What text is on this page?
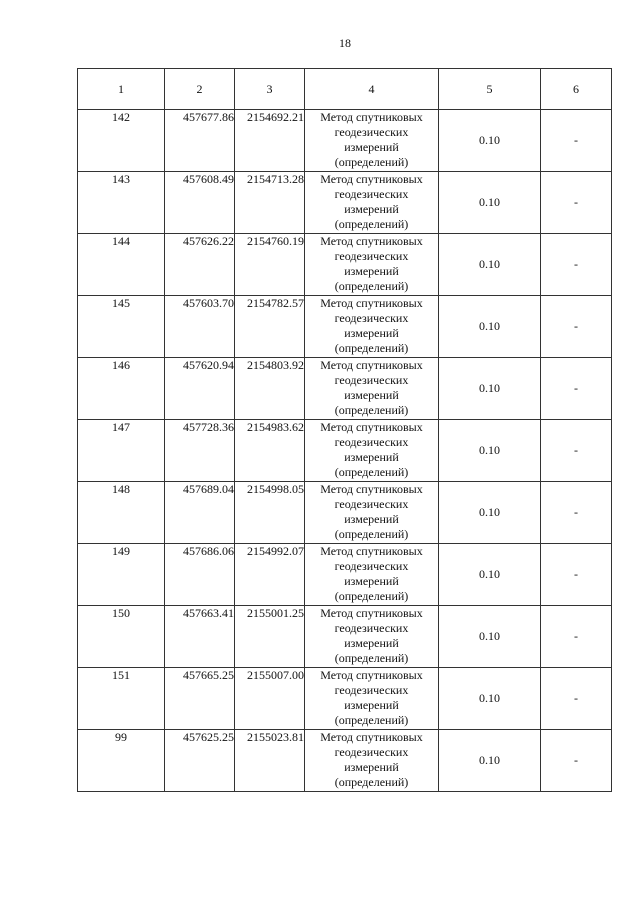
18
1	2	3	4	5	6
142	457677.86	2154692.21	Метод спутниковых
геодезических
измерений
(определений)	0.10	-
143	457608.49	2154713.28	Метод спутниковых
геодезических
измерений
(определений)	0.10	-
144	457626.22	2154760.19	Метод спутниковых
геодезических
измерений
(определений)	0.10	-
145	457603.70	2154782.57	Метод спутниковых
геодезических
измерений
(определений)	0.10	-
146	457620.94	2154803.92	Метод спутниковых
геодезических
измерений
(определений)	0.10	-
147	457728.36	2154983.62	Метод спутниковых
геодезических
измерений
(определений)	0.10	-
148	457689.04	2154998.05	Метод спутниковых
геодезических
измерений
(определений)	0.10	-
149	457686.06	2154992.07	Метод спутниковых
геодезических
измерений
(определений)	0.10	-
150	457663.41	2155001.25	Метод спутниковых
геодезических
измерений
(определений)	0.10	-
151	457665.25	2155007.00	Метод спутниковых
геодезических
измерений
(определений)	0.10	-
99	457625.25	2155023.81	Метод спутниковых
геодезических
измерений
(определений)	0.10	-
